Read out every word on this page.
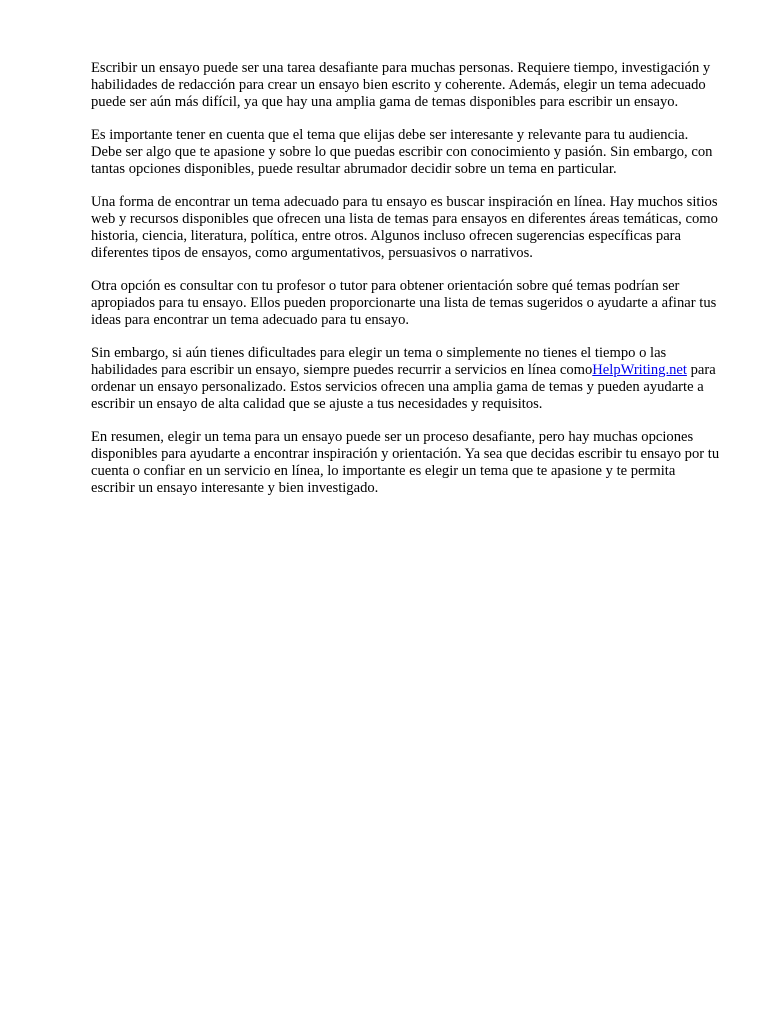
Escribir un ensayo puede ser una tarea desafiante para muchas personas. Requiere tiempo, investigación y habilidades de redacción para crear un ensayo bien escrito y coherente. Además, elegir un tema adecuado puede ser aún más difícil, ya que hay una amplia gama de temas disponibles para escribir un ensayo.

Es importante tener en cuenta que el tema que elijas debe ser interesante y relevante para tu audiencia. Debe ser algo que te apasione y sobre lo que puedas escribir con conocimiento y pasión. Sin embargo, con tantas opciones disponibles, puede resultar abrumador decidir sobre un tema en particular.

Una forma de encontrar un tema adecuado para tu ensayo es buscar inspiración en línea. Hay muchos sitios web y recursos disponibles que ofrecen una lista de temas para ensayos en diferentes áreas temáticas, como historia, ciencia, literatura, política, entre otros. Algunos incluso ofrecen sugerencias específicas para diferentes tipos de ensayos, como argumentativos, persuasivos o narrativos.

Otra opción es consultar con tu profesor o tutor para obtener orientación sobre qué temas podrían ser apropiados para tu ensayo. Ellos pueden proporcionarte una lista de temas sugeridos o ayudarte a afinar tus ideas para encontrar un tema adecuado para tu ensayo.

Sin embargo, si aún tienes dificultades para elegir un tema o simplemente no tienes el tiempo o las habilidades para escribir un ensayo, siempre puedes recurrir a servicios en línea comoHelpWriting.net para ordenar un ensayo personalizado. Estos servicios ofrecen una amplia gama de temas y pueden ayudarte a escribir un ensayo de alta calidad que se ajuste a tus necesidades y requisitos.

En resumen, elegir un tema para un ensayo puede ser un proceso desafiante, pero hay muchas opciones disponibles para ayudarte a encontrar inspiración y orientación. Ya sea que decidas escribir tu ensayo por tu cuenta o confiar en un servicio en línea, lo importante es elegir un tema que te apasione y te permita escribir un ensayo interesante y bien investigado.
